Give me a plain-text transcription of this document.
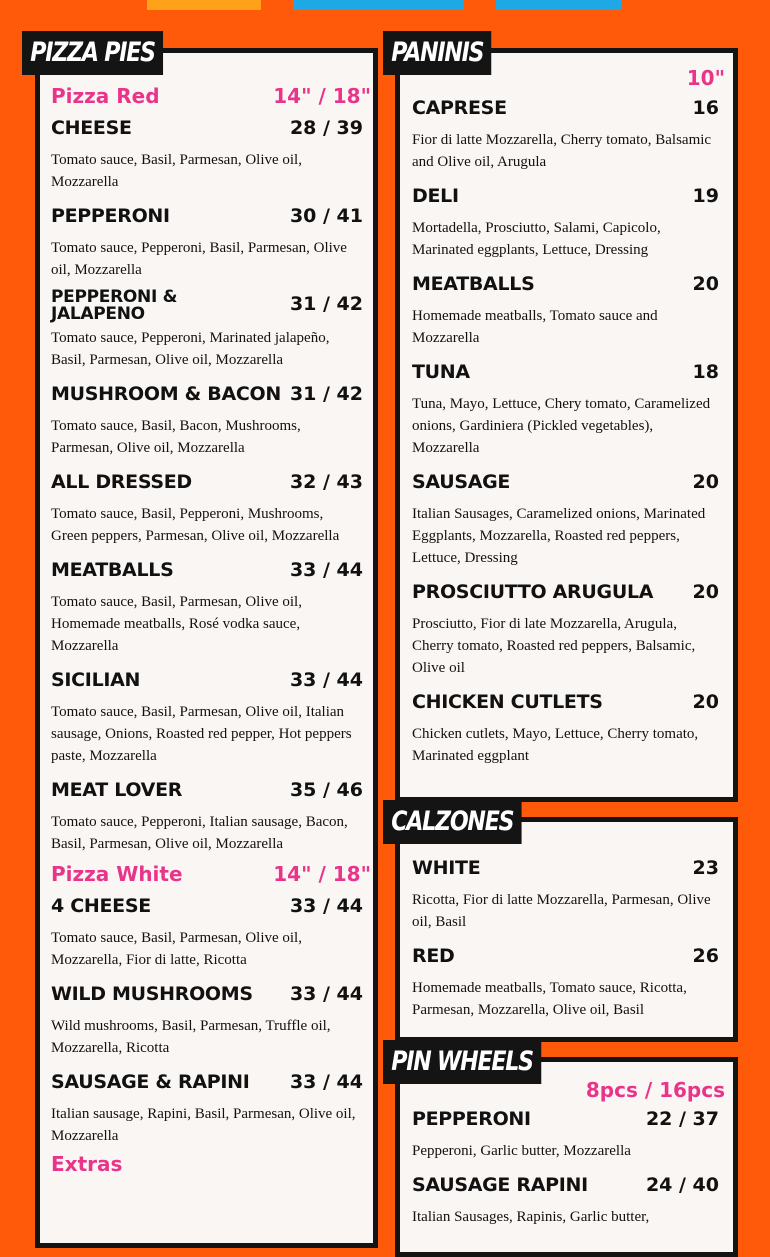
Pizza Red	14" / 18"
CHEESE	28 / 39
Tomato sauce, Basil, Parmesan, Olive oil, Mozzarella
PEPPERONI	30 / 41
Tomato sauce, Pepperoni, Basil, Parmesan, Olive oil, Mozzarella
PEPPERONI & JALAPENO	31 / 42
Tomato sauce, Pepperoni, Marinated jalapeño, Basil, Parmesan, Olive oil, Mozzarella
MUSHROOM & BACON 31 / 42
Tomato sauce, Basil, Bacon, Mushrooms, Parmesan, Olive oil, Mozzarella
ALL DRESSED	32 / 43
Tomato sauce, Basil, Pepperoni, Mushrooms, Green peppers, Parmesan, Olive oil, Mozzarella
MEATBALLS	33 / 44
Tomato sauce, Basil, Parmesan, Olive oil, Homemade meatballs, Rosé vodka sauce, Mozzarella
SICILIAN	33 / 44
Tomato sauce, Basil, Parmesan, Olive oil, Italian sausage, Onions, Roasted red pepper, Hot peppers paste, Mozzarella
MEAT LOVER	35 / 46
Tomato sauce, Pepperoni, Italian sausage, Bacon, Basil, Parmesan, Olive oil, Mozzarella
Pizza White	14" / 18"
4 CHEESE	33 / 44
Tomato sauce, Basil, Parmesan, Olive oil, Mozzarella, Fior di latte, Ricotta
WILD MUSHROOMS	33 / 44
Wild mushrooms, Basil, Parmesan, Truffle oil, Mozzarella, Ricotta
SAUSAGE & RAPINI	33 / 44
Italian sausage, Rapini, Basil, Parmesan, Olive oil, Mozzarella
Extras
PIZZA PIES
10"
CAPRESE	16
Fior di latte Mozzarella, Cherry tomato, Balsamic and Olive oil, Arugula
DELI	19
Mortadella, Prosciutto, Salami, Capicolo, Marinated eggplants, Lettuce, Dressing
MEATBALLS	20
Homemade meatballs, Tomato sauce and Mozzarella
TUNA	18
Tuna, Mayo, Lettuce, Chery tomato, Caramelized onions, Gardiniera (Pickled vegetables), Mozzarella
SAUSAGE	20
Italian Sausages, Caramelized onions, Marinated Eggplants, Mozzarella, Roasted red peppers, Lettuce, Dressing
PROSCIUTTO ARUGULA	20
Prosciutto, Fior di late Mozzarella, Arugula, Cherry tomato, Roasted red peppers, Balsamic, Olive oil
CHICKEN CUTLETS	20
Chicken cutlets, Mayo, Lettuce, Cherry tomato, Marinated eggplant
PANINIS
WHITE	23
Ricotta, Fior di latte Mozzarella, Parmesan, Olive oil, Basil
RED	26
Homemade meatballs, Tomato sauce, Ricotta, Parmesan, Mozzarella, Olive oil, Basil
CALZONES
8pcs / 16pcs
PEPPERONI	22 / 37
Pepperoni, Garlic butter, Mozzarella
SAUSAGE RAPINI	24 / 40
Italian Sausages, Rapinis, Garlic butter,
PIN WHEELS
